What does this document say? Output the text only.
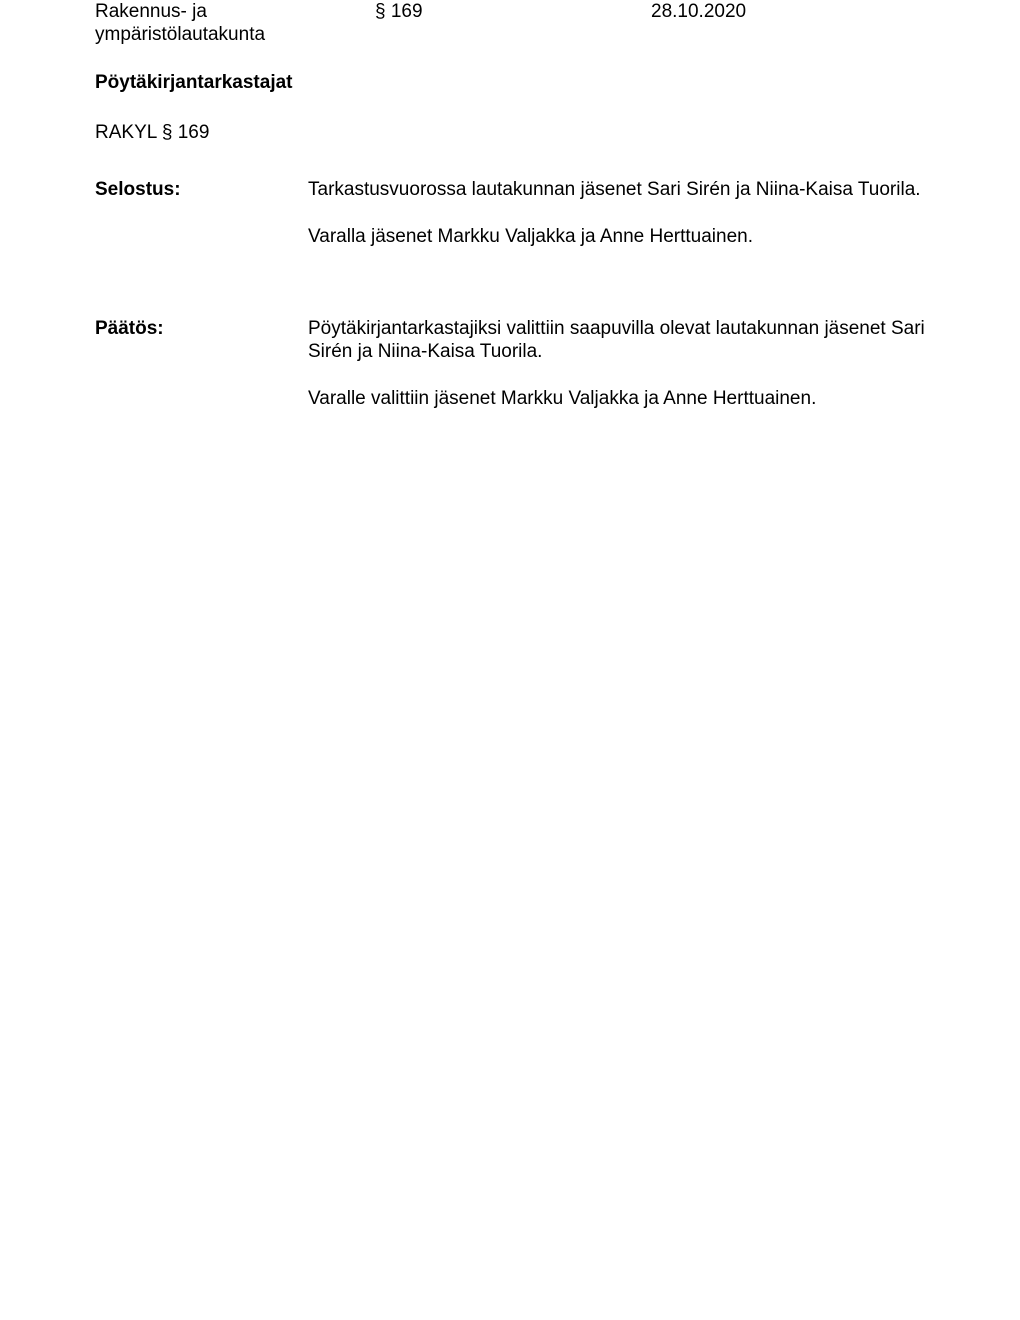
Rakennus- ja
ympäristölautakunta
§ 169	28.10.2020
Pöytäkirjantarkastajat
RAKYL § 169
Selostus:	Tarkastusvuorossa lautakunnan jäsenet Sari Sirén ja Niina-Kaisa Tuorila.

Varalla jäsenet Markku Valjakka ja Anne Herttuainen.

Päätös:	Pöytäkirjantarkastajiksi valittiin saapuvilla olevat lautakunnan jäsenet Sari Sirén ja Niina-Kaisa Tuorila.

Varalle valittiin jäsenet Markku Valjakka ja Anne Herttuainen.
